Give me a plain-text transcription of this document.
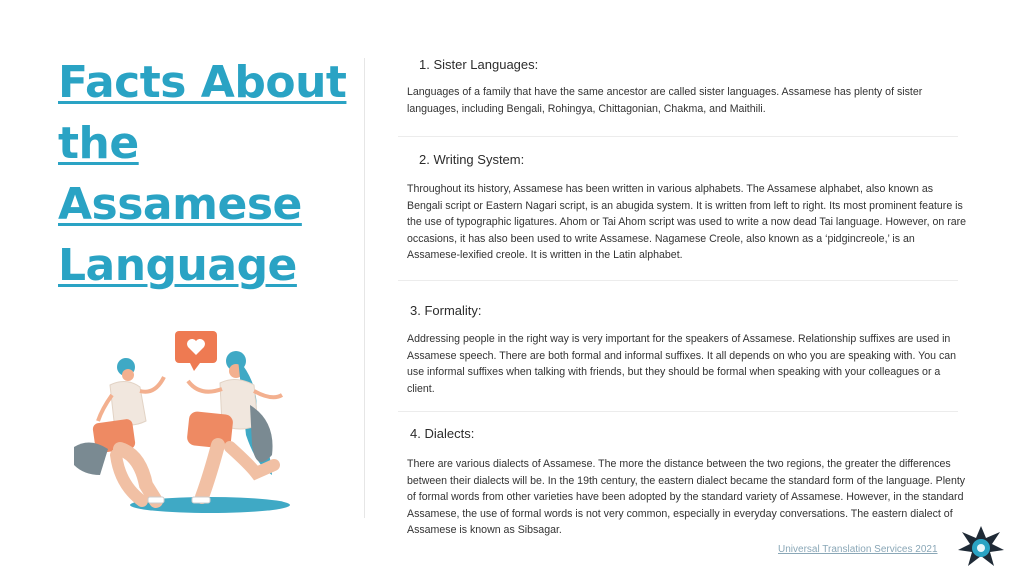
Facts About
the
Assamese
Language

1. Sister Languages:

Languages of a family that have the same ancestor are called sister languages. Assamese has plenty of sister languages, including Bengali, Rohingya, Chittagonian, Chakma, and Maithili.

2. Writing System:

Throughout its history, Assamese has been written in various alphabets. The Assamese alphabet, also known as Bengali script or Eastern Nagari script, is an abugida system. It is written from left to right. Its most prominent feature is the use of typographic ligatures. Ahom or Tai Ahom script was used to write a now dead Tai language. However, on rare occasions, it has also been used to write Assamese. Nagamese Creole, also known as a ‘pidgincreole,’ is an Assamese-lexified creole. It is written in the Latin alphabet.

3. Formality:

Addressing people in the right way is very important for the speakers of Assamese. Relationship suffixes are used in Assamese speech. There are both formal and informal suffixes. It all depends on who you are speaking with. You can use informal suffixes when talking with friends, but they should be formal when speaking with your colleagues or a client.

4. Dialects:

There are various dialects of Assamese. The more the distance between the two regions, the greater the differences between their dialects will be. In the 19th century, the eastern dialect became the standard form of the language. Plenty of formal words from other varieties have been adopted by the standard variety of Assamese. However, in the standard Assamese, the use of formal words is not very common, especially in everyday conversations. The eastern dialect of Assamese is known as Sibsagar.

Universal Translation Services 2021
